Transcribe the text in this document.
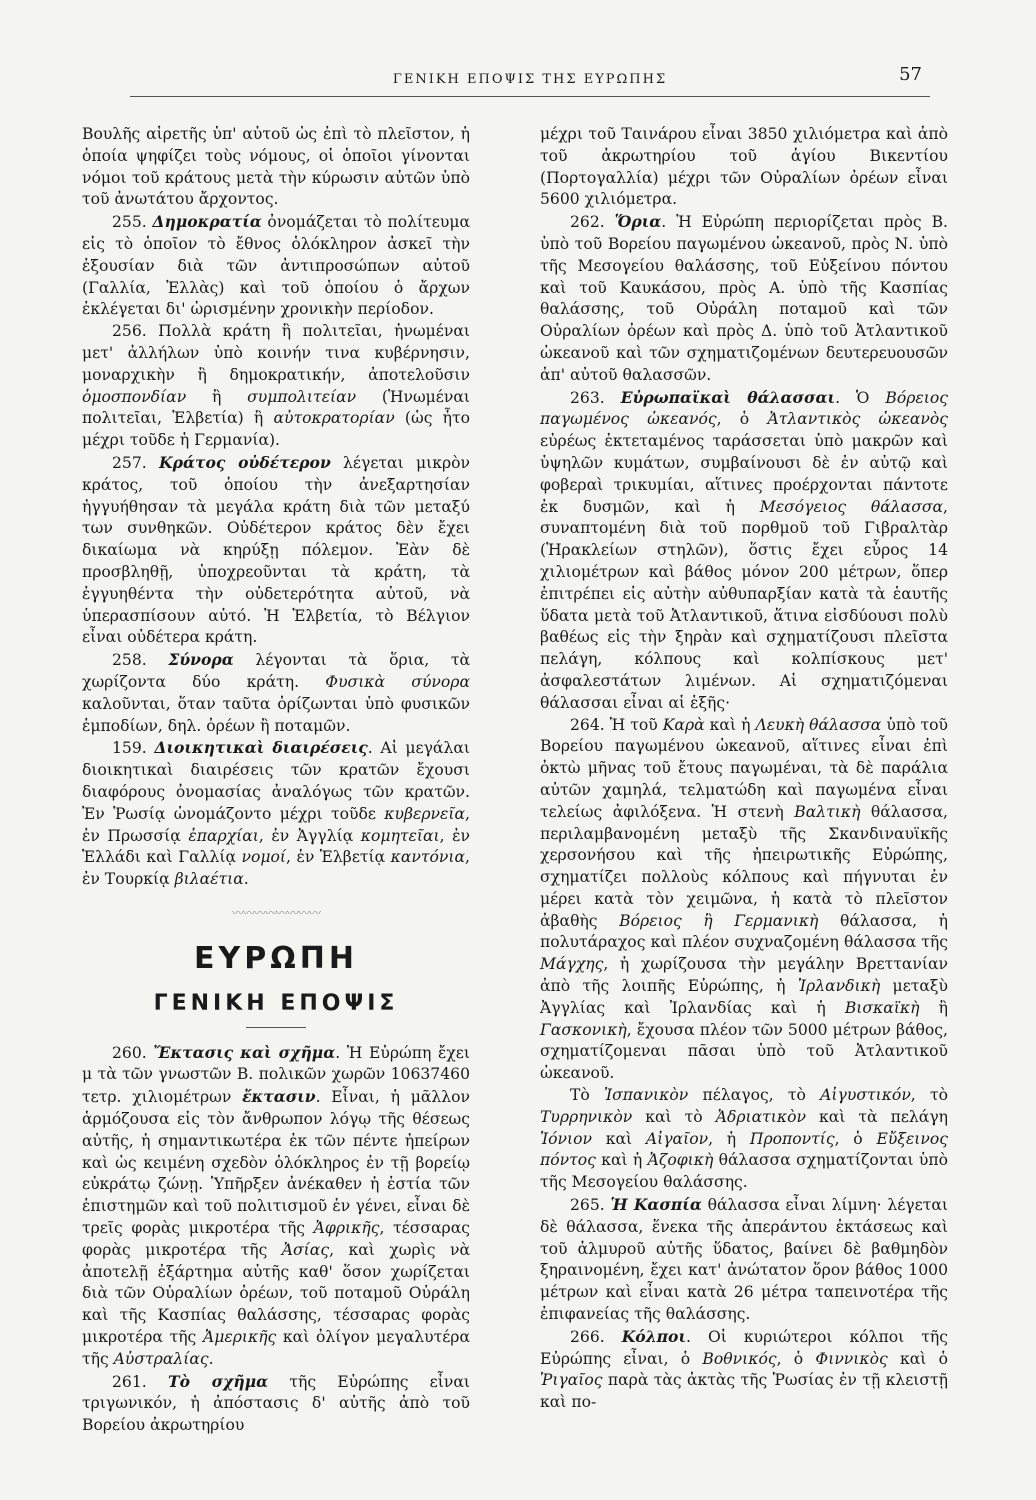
ΓΕΝΙΚΗ ΕΠΟΨΙΣ ΤΗΣ ΕΥΡΩΠΗΣ	57

Βουλῆς αἱρετῆς ὑπ' αὐτοῦ ὡς ἐπὶ τὸ πλεῖστον, ἡ ὁποία ψηφίζει τοὺς νόμους, οἱ ὁποῖοι γίνονται νόμοι τοῦ κράτους μετὰ τὴν κύρωσιν αὐτῶν ὑπὸ τοῦ ἀνωτάτου ἄρχοντος.

255. Δημοκρατία ὀνομάζεται τὸ πολίτευμα εἰς τὸ ὁποῖον τὸ ἔθνος ὁλόκληρον ἀσκεῖ τὴν ἐξουσίαν διὰ τῶν ἀντιπροσώπων αὐτοῦ (Γαλλία, Ἑλλὰς) καὶ τοῦ ὁποίου ὁ ἄρχων ἐκλέγεται δι' ὡρισμένην χρονικὴν περίοδον.

256. Πολλὰ κράτη ἢ πολιτεῖαι, ἡνωμέναι μετ' ἀλλήλων ὑπὸ κοινήν τινα κυβέρνησιν, μοναρχικὴν ἢ δημοκρατικήν, ἀποτελοῦσιν ὁμοσπονδίαν ἢ συμπολιτείαν (Ἡνωμέναι πολιτεῖαι, Ἑλβετία) ἢ αὐτοκρατορίαν (ὡς ἦτο μέχρι τοῦδε ἡ Γερμανία).

257. Κράτος οὐδέτερον λέγεται μικρὸν κράτος, τοῦ ὁποίου τὴν ἀνεξαρτησίαν ἠγγυήθησαν τὰ μεγάλα κράτη διὰ τῶν μεταξύ των συνθηκῶν. Οὐδέτερον κράτος δὲν ἔχει δικαίωμα νὰ κηρύξῃ πόλεμον. Ἐὰν δὲ προσβληθῇ, ὑποχρεοῦνται τὰ κράτη, τὰ ἐγγυηθέντα τὴν οὐδετερότητα αὐτοῦ, νὰ ὑπερασπίσουν αὐτό. Ἡ Ἑλβετία, τὸ Βέλγιον εἶναι οὐδέτερα κράτη.

258. Σύνορα λέγονται τὰ ὅρια, τὰ χωρίζοντα δύο κράτη. Φυσικὰ σύνορα καλοῦνται, ὅταν ταῦτα ὁρίζωνται ὑπὸ φυσικῶν ἐμποδίων, δηλ. ὀρέων ἢ ποταμῶν.

159. Διοικητικαὶ διαιρέσεις. Αἱ μεγάλαι διοικητικαὶ διαιρέσεις τῶν κρατῶν ἔχουσι διαφόρους ὀνομασίας ἀναλόγως τῶν κρατῶν. Ἐν Ῥωσίᾳ ὠνομάζοντο μέχρι τοῦδε κυβερνεῖα, ἐν Πρωσσίᾳ ἐπαρχίαι, ἐν Ἀγγλίᾳ κομητεῖαι, ἐν Ἑλλάδι καὶ Γαλλίᾳ νομοί, ἐν Ἑλβετίᾳ καντόνια, ἐν Τουρκίᾳ βιλαέτια.

〰〰〰〰〰〰〰〰
ΕΥΡΩΠΗ
ΓΕΝΙΚΗ ΕΠΟΨΙΣ

260. Ἔκτασις καὶ σχῆμα. Ἡ Εὐρώπη ἔχει μ τὰ τῶν γνωστῶν Β. πολικῶν χωρῶν 10637460 τετρ. χιλιομέτρων ἔκτασιν. Εἶναι, ἡ μᾶλλον ἁρμόζουσα εἰς τὸν ἄνθρωπον λόγῳ τῆς θέσεως αὐτῆς, ἡ σημαντικωτέρα ἐκ τῶν πέντε ἠπείρων καὶ ὡς κειμένη σχεδὸν ὁλόκληρος ἐν τῇ βορείῳ εὐκράτῳ ζώνῃ. Ὑπῆρξεν ἀνέκαθεν ἡ ἑστία τῶν ἐπιστημῶν καὶ τοῦ πολιτισμοῦ ἐν γένει, εἶναι δὲ τρεῖς φορὰς μικροτέρα τῆς Ἀφρικῆς, τέσσαρας φορὰς μικροτέρα τῆς Ἀσίας, καὶ χωρὶς νὰ ἀποτελῇ ἐξάρτημα αὐτῆς καθ' ὅσον χωρίζεται διὰ τῶν Οὐραλίων ὀρέων, τοῦ ποταμοῦ Οὐράλη καὶ τῆς Κασπίας θαλάσσης, τέσσαρας φορὰς μικροτέρα τῆς Ἀμερικῆς καὶ ὀλίγον μεγαλυτέρα τῆς Αὐστραλίας.

261. Τὸ σχῆμα τῆς Εὐρώπης εἶναι τριγωνικόν, ἡ ἀπόστασις δ' αὐτῆς ἀπὸ τοῦ Βορείου ἀκρωτηρίου

μέχρι τοῦ Ταινάρου εἶναι 3850 χιλιόμετρα καὶ ἀπὸ τοῦ ἀκρωτηρίου τοῦ ἁγίου Βικεντίου (Πορτογαλλία) μέχρι τῶν Οὐραλίων ὀρέων εἶναι 5600 χιλιόμετρα.

262. Ὅρια. Ἡ Εὐρώπη περιορίζεται πρὸς Β. ὑπὸ τοῦ Βορείου παγωμένου ὠκεανοῦ, πρὸς Ν. ὑπὸ τῆς Μεσογείου θαλάσσης, τοῦ Εὐξείνου πόντου καὶ τοῦ Καυκάσου, πρὸς Α. ὑπὸ τῆς Κασπίας θαλάσσης, τοῦ Οὐράλη ποταμοῦ καὶ τῶν Οὐραλίων ὀρέων καὶ πρὸς Δ. ὑπὸ τοῦ Ἀτλαντικοῦ ὠκεανοῦ καὶ τῶν σχηματιζομένων δευτερευουσῶν ἀπ' αὐτοῦ θαλασσῶν.

263. Εὐρωπαϊκαὶ θάλασσαι. Ὁ Βόρειος παγωμένος ὠκεανός, ὁ Ἀτλαντικὸς ὠκεανὸς εὐρέως ἐκτεταμένος ταράσσεται ὑπὸ μακρῶν καὶ ὑψηλῶν κυμάτων, συμβαίνουσι δὲ ἐν αὐτῷ καὶ φοβεραὶ τρικυμίαι, αἵτινες προέρχονται πάντοτε ἐκ δυσμῶν, καὶ ἡ Μεσόγειος θάλασσα, συναπτομένη διὰ τοῦ πορθμοῦ τοῦ Γιβραλτὰρ (Ἡρακλείων στηλῶν), ὅστις ἔχει εὖρος 14 χιλιομέτρων καὶ βάθος μόνον 200 μέτρων, ὅπερ ἐπιτρέπει εἰς αὐτὴν αὐθυπαρξίαν κατὰ τὰ ἑαυτῆς ὕδατα μετὰ τοῦ Ἀτλαντικοῦ, ἅτινα εἰσδύουσι πολὺ βαθέως εἰς τὴν ξηρὰν καὶ σχηματίζουσι πλεῖστα πελάγη, κόλπους καὶ κολπίσκους μετ' ἀσφαλεστάτων λιμένων. Αἱ σχηματιζόμεναι θάλασσαι εἶναι αἱ ἑξῆς·

264. Ἡ τοῦ Καρὰ καὶ ἡ Λευκὴ θάλασσα ὑπὸ τοῦ Βορείου παγωμένου ὠκεανοῦ, αἵτινες εἶναι ἐπὶ ὀκτὼ μῆνας τοῦ ἔτους παγωμέναι, τὰ δὲ παράλια αὐτῶν χαμηλά, τελματώδη καὶ παγωμένα εἶναι τελείως ἀφιλόξενα. Ἡ στενὴ Βαλτικὴ θάλασσα, περιλαμβανομένη μεταξὺ τῆς Σκανδιναυϊκῆς χερσονήσου καὶ τῆς ἠπειρωτικῆς Εὐρώπης, σχηματίζει πολλοὺς κόλπους καὶ πήγνυται ἐν μέρει κατὰ τὸν χειμῶνα, ἡ κατὰ τὸ πλεῖστον ἀβαθὴς Βόρειος ἢ Γερμανικὴ θάλασσα, ἡ πολυτάραχος καὶ πλέον συχναζομένη θάλασσα τῆς Μάγχης, ἡ χωρίζουσα τὴν μεγάλην Βρεττανίαν ἀπὸ τῆς λοιπῆς Εὐρώπης, ἡ Ἰρλανδικὴ μεταξὺ Ἀγγλίας καὶ Ἰρλανδίας καὶ ἡ Βισκαϊκὴ ἢ Γασκονικὴ, ἔχουσα πλέον τῶν 5000 μέτρων βάθος, σχηματίζομεναι πᾶσαι ὑπὸ τοῦ Ἀτλαντικοῦ ὠκεανοῦ.

Τὸ Ἰσπανικὸν πέλαγος, τὸ Αἰγυστικόν, τὸ Τυρρηνικὸν καὶ τὸ Ἀδριατικὸν καὶ τὰ πελάγη Ἰόνιον καὶ Αἰγαῖον, ἡ Προποντίς, ὁ Εὔξεινος πόντος καὶ ἡ Ἀζοφικὴ θάλασσα σχηματίζονται ὑπὸ τῆς Μεσογείου θαλάσσης.

265. Ἡ Κασπία θάλασσα εἶναι λίμνη· λέγεται δὲ θάλασσα, ἕνεκα τῆς ἀπεράντου ἐκτάσεως καὶ τοῦ ἁλμυροῦ αὐτῆς ὕδατος, βαίνει δὲ βαθμηδὸν ξηραινομένη, ἔχει κατ' ἀνώτατον ὅρον βάθος 1000 μέτρων καὶ εἶναι κατὰ 26 μέτρα ταπεινοτέρα τῆς ἐπιφανείας τῆς θαλάσσης.

266. Κόλποι. Οἱ κυριώτεροι κόλποι τῆς Εὐρώπης εἶναι, ὁ Βοθνικός, ὁ Φιννικὸς καὶ ὁ Ῥιγαῖος παρὰ τὰς ἀκτὰς τῆς Ῥωσίας ἐν τῇ κλειστῇ καὶ πο-
